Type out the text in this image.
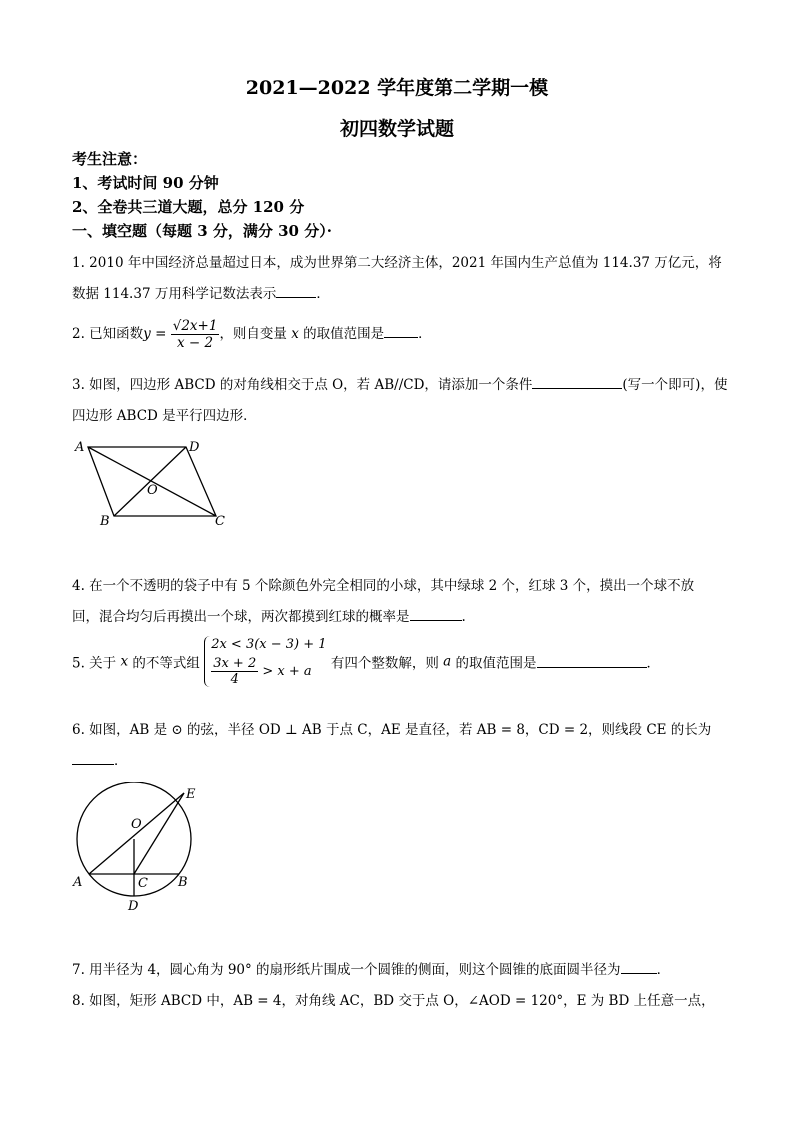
2021—2022 学年度第二学期一模
初四数学试题
考生注意：
1、考试时间 90 分钟
2、全卷共三道大题，总分 120 分
一、填空题（每题 3 分，满分 30 分）·
1. 2010 年中国经济总量超过日本，成为世界第二大经济主体，2021 年国内生产总值为 114.37 万亿元，将
数据 114.37 万用科学记数法表示	．
2. 已知函数$y = \frac{√2x+1}{x - 2}$ ，则自变量 x 的取值范围是	．
3. 如图，四边形 ABCD 的对角线相交于点 O，若 AB//CD，请添加一个条件	(写一个即可)，使
四边形 ABCD 是平行四边形．
A	D
O
B	C
4. 在一个不透明的袋子中有 5 个除颜色外完全相同的小球，其中绿球 2 个，红球 3 个，摸出一个球不放
回，混合均匀后再摸出一个球，两次都摸到红球的概率是	.
5. 关于 x 的不等式组
2x < 3(x − 3) + 1
$\frac{3x + 2}{4} > x + a$	有四个整数解，则 a 的取值范围是	．
6. 如图，AB 是 ⊙ 的弦，半径 OD ⊥ AB 于点 C，AE 是直径，若 AB = 8，CD = 2，则线段 CE 的长为
．
E
O
A	C B
D
7. 用半径为 4，圆心角为 90° 的扇形纸片围成一个圆锥的侧面，则这个圆锥的底面圆半径为	．
8. 如图，矩形 ABCD 中，AB = 4，对角线 AC，BD 交于点 O，∠AOD = 120°，E 为 BD 上任意一点，
